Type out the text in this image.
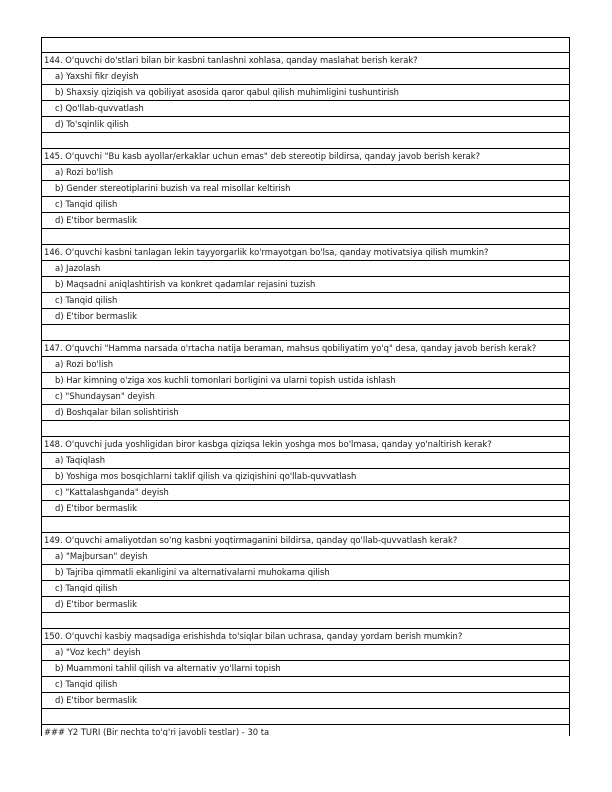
144. O'quvchi do'stlari bilan bir kasbni tanlashni xohlasa, qanday maslahat berish kerak?
a) Yaxshi fikr deyish
b) Shaxsiy qiziqish va qobiliyat asosida qaror qabul qilish muhimligini tushuntirish
c) Qo'llab-quvvatlash
d) To'sqinlik qilish
145. O'quvchi "Bu kasb ayollar/erkaklar uchun emas" deb stereotip bildirsa, qanday javob berish kerak?
a) Rozi bo'lish
b) Gender stereotiplarini buzish va real misollar keltirish
c) Tanqid qilish
d) E'tibor bermaslik
146. O'quvchi kasbni tanlagan lekin tayyorgarlik ko'rmayotgan bo'lsa, qanday motivatsiya qilish mumkin?
a) Jazolash
b) Maqsadni aniqlashtirish va konkret qadamlar rejasini tuzish
c) Tanqid qilish
d) E'tibor bermaslik
147. O'quvchi "Hamma narsada o'rtacha natija beraman, mahsus qobiliyatim yo'q" desa, qanday javob berish kerak?
a) Rozi bo'lish
b) Har kimning o'ziga xos kuchli tomonlari borligini va ularni topish ustida ishlash
c) "Shundaysan" deyish
d) Boshqalar bilan solishtirish
148. O'quvchi juda yoshligidan biror kasbga qiziqsa lekin yoshga mos bo'lmasa, qanday yo'naltirish kerak?
a) Taqiqlash
b) Yoshiga mos bosqichlarni taklif qilish va qiziqishini qo'llab-quvvatlash
c) "Kattalashganda" deyish
d) E'tibor bermaslik
149. O'quvchi amaliyotdan so'ng kasbni yoqtirmaganini bildirsa, qanday qo'llab-quvvatlash kerak?
a) "Majbursan" deyish
b) Tajriba qimmatli ekanligini va alternativalarni muhokama qilish
c) Tanqid qilish
d) E'tibor bermaslik
150. O'quvchi kasbiy maqsadiga erishishda to'siqlar bilan uchrasa, qanday yordam berish mumkin?
a) "Voz kech" deyish
b) Muammoni tahlil qilish va alternativ yo'llarni topish
c) Tanqid qilish
d) E'tibor bermaslik
### Y2 TURI (Bir nechta to'g'ri javobli testlar) - 30 ta
